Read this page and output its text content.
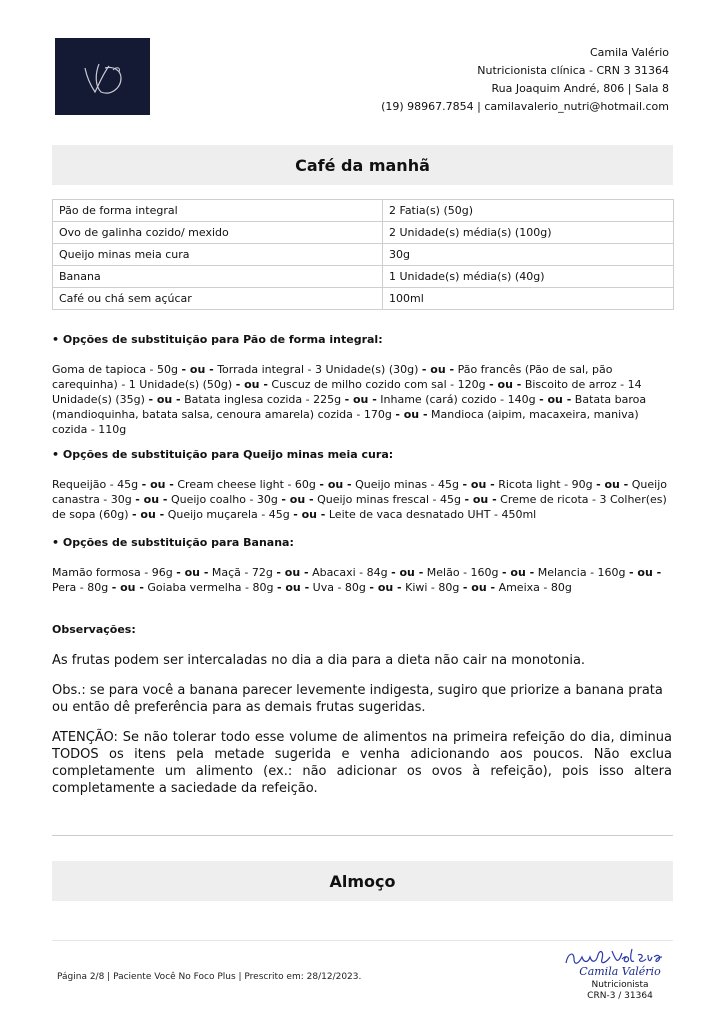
Camila Valério
Nutricionista clínica - CRN 3 31364
Rua Joaquim André, 806 | Sala 8
(19) 98967.7854 | camilavalerio_nutri@hotmail.com
Café da manhã
Pão de forma integral	2 Fatia(s) (50g)
Ovo de galinha cozido/ mexido	2 Unidade(s) média(s) (100g)
Queijo minas meia cura	30g
Banana	1 Unidade(s) média(s) (40g)
Café ou chá sem açúcar	100ml
• Opções de substituição para Pão de forma integral:
Goma de tapioca - 50g - ou - Torrada integral - 3 Unidade(s) (30g) - ou - Pão francês (Pão de sal, pão carequinha) - 1 Unidade(s) (50g) - ou - Cuscuz de milho cozido com sal - 120g - ou - Biscoito de arroz - 14 Unidade(s) (35g) - ou - Batata inglesa cozida - 225g - ou - Inhame (cará) cozido - 140g - ou - Batata baroa (mandioquinha, batata salsa, cenoura amarela) cozida - 170g - ou - Mandioca (aipim, macaxeira, maniva) cozida - 110g
• Opções de substituição para Queijo minas meia cura:
Requeijão - 45g - ou - Cream cheese light - 60g - ou - Queijo minas - 45g - ou - Ricota light - 90g - ou - Queijo canastra - 30g - ou - Queijo coalho - 30g - ou - Queijo minas frescal - 45g - ou - Creme de ricota - 3 Colher(es) de sopa (60g) - ou - Queijo muçarela - 45g - ou - Leite de vaca desnatado UHT - 450ml
• Opções de substituição para Banana:
Mamão formosa - 96g - ou - Maçã - 72g - ou - Abacaxi - 84g - ou - Melão - 160g - ou - Melancia - 160g - ou - Pera - 80g - ou - Goiaba vermelha - 80g - ou - Uva - 80g - ou - Kiwi - 80g - ou - Ameixa - 80g
Observações:
As frutas podem ser intercaladas no dia a dia para a dieta não cair na monotonia.
Obs.: se para você a banana parecer levemente indigesta, sugiro que priorize a banana prata ou então dê preferência para as demais frutas sugeridas.
ATENÇÃO: Se não tolerar todo esse volume de alimentos na primeira refeição do dia, diminua TODOS os itens pela metade sugerida e venha adicionando aos poucos. Não exclua completamente um alimento (ex.: não adicionar os ovos à refeição), pois isso altera completamente a saciedade da refeição.
Almoço
Página 2/8 | Paciente Você No Foco Plus | Prescrito em: 28/12/2023.	Camila Valério
Nutricionista
CRN-3 / 31364
